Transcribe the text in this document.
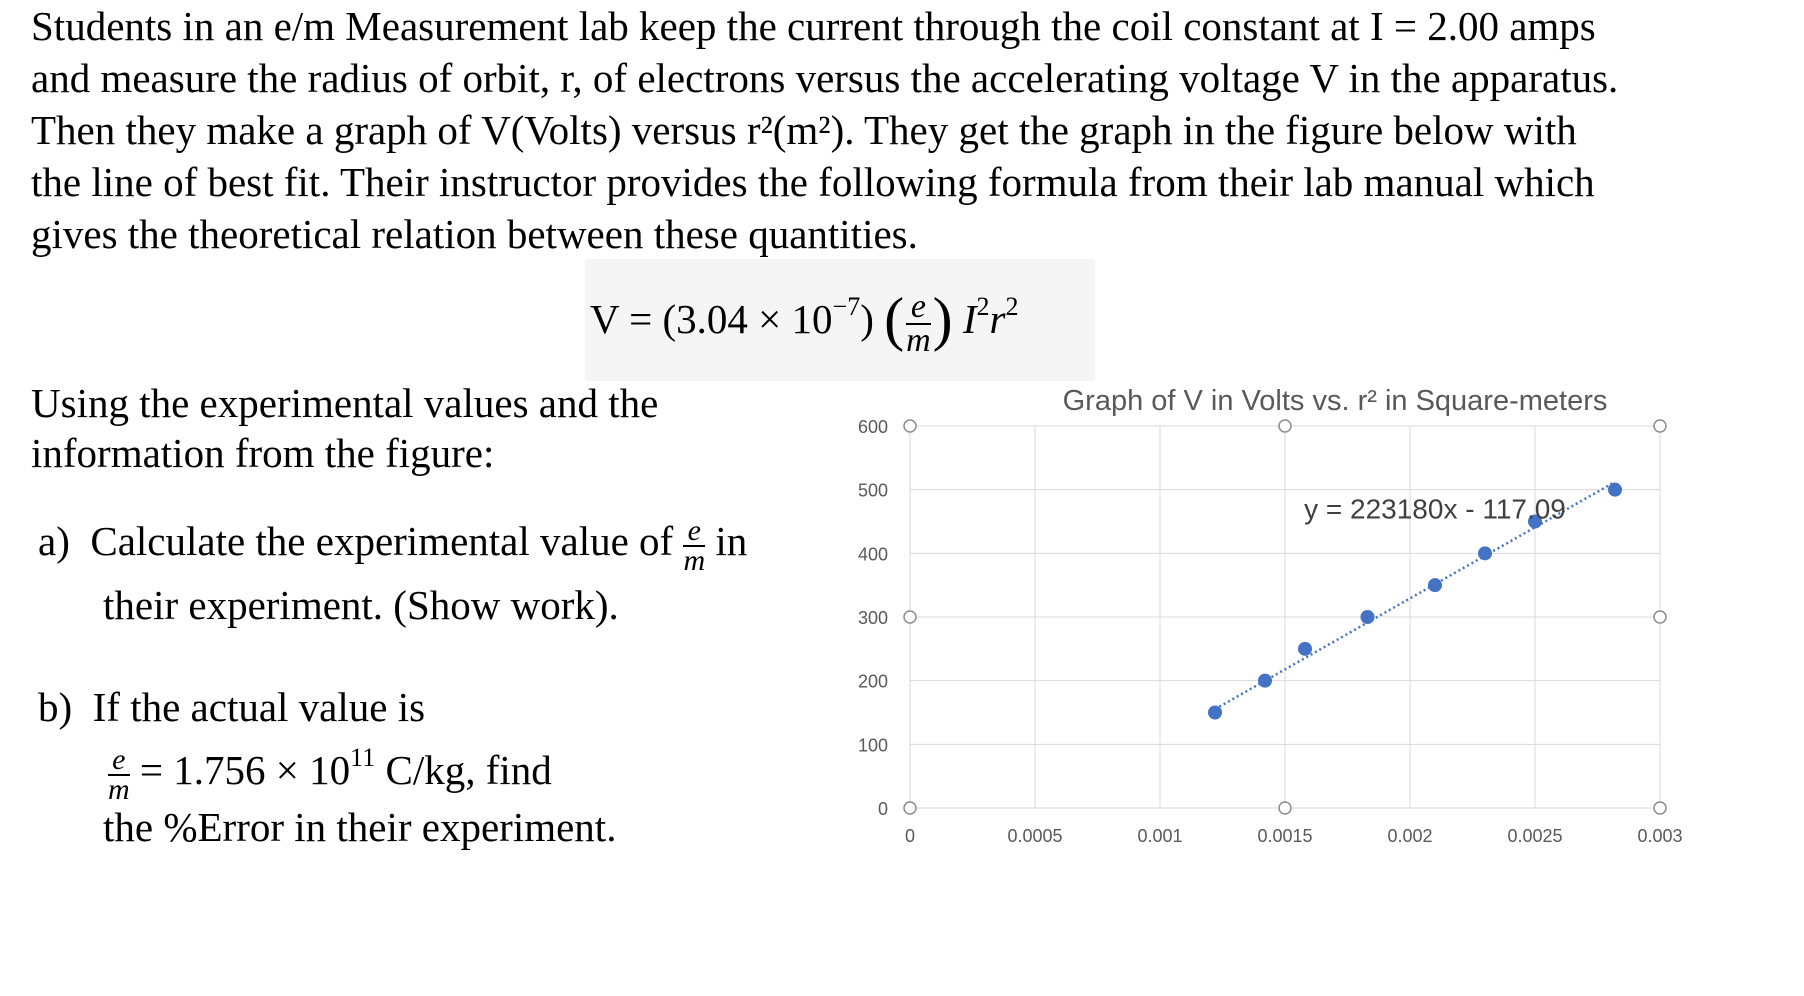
Students in an e/m Measurement lab keep the current through the coil constant at I = 2.00 amps
and measure the radius of orbit, r, of electrons versus the accelerating voltage V in the apparatus.
Then they make a graph of V(Volts) versus r²(m²). They get the graph in the figure below with
the line of best fit. Their instructor provides the following formula from their lab manual which
gives the theoretical relation between these quantities.
$V = (3.04 \times 10^{-7})$ ( $\frac{e}{m}$ ) $I^2r^2$
Using the experimental values and the
information from the figure:
a) Calculate the experimental value of $\frac{e}{m}$ in
their experiment. (Show work).
b) If the actual value is
$\frac{e}{m} = 1.756 \times 10^{11}$ C/kg, find
the %Error in their experiment.
Graph of V in Volts vs. r² in Square-meters
0
100
200
300
400
500
600
0	0.0005	0.001	0.0015	0.002	0.0025	0.003
y = 223180x - 117.09
